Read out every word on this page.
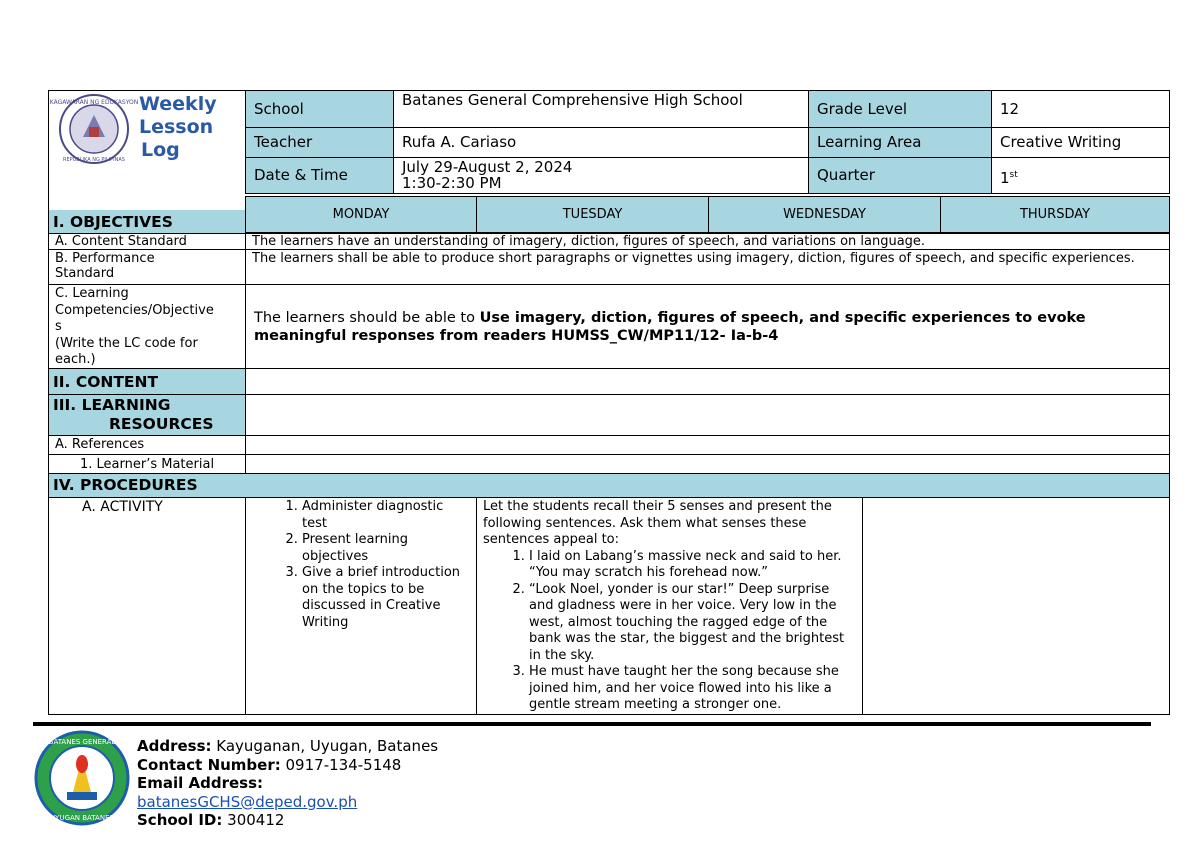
KAGAWARAN NG EDUKASYON
REPUBLIKA NG PILIPINAS
Weekly
Lesson
Log
School	Batanes General Comprehensive High School	Grade Level	12
Teacher	Rufa A. Cariaso	Learning Area	Creative Writing
Date & Time	July 29-August 2, 2024
1:30-2:30 PM	Quarter	1st
MONDAY	TUESDAY	WEDNESDAY	THURSDAY
I. OBJECTIVES
A. Content Standard	The learners have an understanding of imagery, diction, figures of speech, and variations on language.
B. Performance
Standard
The learners shall be able to produce short paragraphs or vignettes using imagery, diction, figures of speech, and specific experiences.
C. Learning
Competencies/Objective
s
(Write the LC code for
each.)
The learners should be able to Use imagery, diction, figures of speech, and specific experiences to evoke meaningful responses from readers HUMSS_CW/MP11/12- Ia-b-4
II. CONTENT
III. LEARNING
RESOURCES
A. References
1. Learner’s Material
IV. PROCEDURES
A. ACTIVITY
1.	Administer diagnostic test
2. Present learning objectives
3. Give a brief introduction on the topics to be discussed in Creative Writing
Let the students recall their 5 senses and present the following sentences. Ask them what senses these sentences appeal to:
1. I laid on Labang’s massive neck and said to her. “You may scratch his forehead now.”
2. “Look Noel, yonder is our star!” Deep surprise and gladness were in her voice. Very low in the west, almost touching the ragged edge of the bank was the star, the biggest and the brightest in the sky.
3. He must have taught her the song because she joined him, and her voice flowed into his like a gentle stream meeting a stronger one.
BATANES GENERAL
UYUGAN BATANES
Address: Kayuganan, Uyugan, Batanes
Contact Number: 0917-134-5148
Email Address:
batanesGCHS@deped.gov.ph
School ID: 300412
